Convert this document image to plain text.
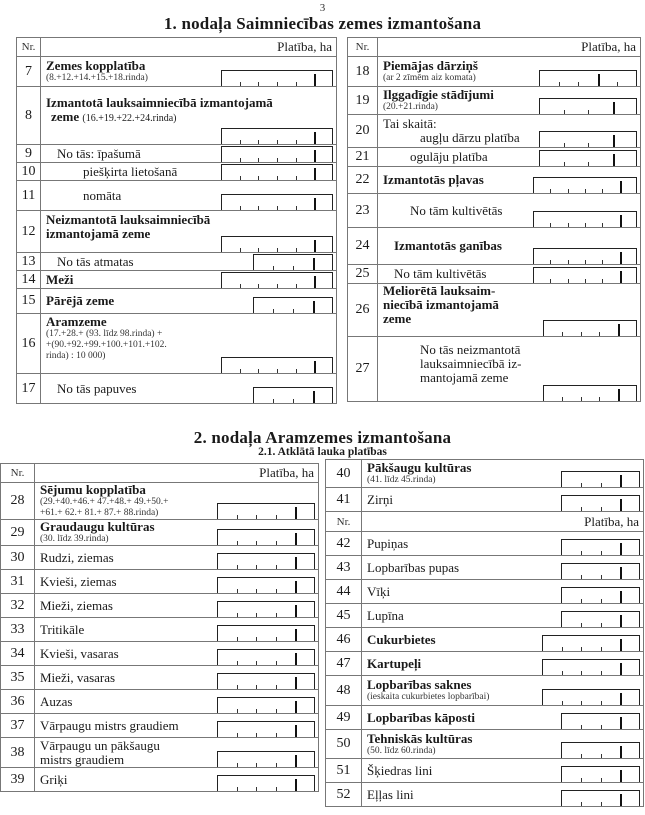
3
1. nodaļa Saimniecības zemes izmantošana
Nr.	Platība, ha
7	Zemes kopplatība
(8.+12.+14.+15.+18.rinda)

8	Izmantotā lauksaimniecībā izmantojamā
zeme (16.+19.+22.+24.rinda)

9	No tās: īpašumā

10	piešķirta lietošanā

11	nomāta

12	Neizmantotā lauksaimniecībā
izmantojamā zeme

13	No tās atmatas

14	Meži

15	Pārējā zeme

16	Aramzeme
(17.+28.+ (93. līdz 98.rinda) +
+(90.+92.+99.+100.+101.+102.
rinda) : 10 000)

17	No tās papuves
Nr.	Platība, ha
18	Piemājas dārziņš
(ar 2 zīmēm aiz komata)

19	Ilggadīgie stādījumi
(20.+21.rinda)

20	Tai skaitā:
augļu dārzu platība

21	ogulāju platība

22	Izmantotās pļavas

23	No tām kultivētās

24	Izmantotās ganības

25	No tām kultivētās

26	Meliorētā lauksaim-
niecībā izmantojamā
zeme

27	No tās neizmantotā
lauksaimniecībā iz-
mantojamā zeme
2. nodaļa Aramzemes izmantošana
2.1. Atklātā lauka platības
Nr.	Platība, ha
28	Sējumu kopplatība
(29.+40.+46.+ 47.+48.+ 49.+50.+
+61.+ 62.+ 81.+ 87.+ 88.rinda)

29	Graudaugu kultūras
(30. līdz 39.rinda)

30	Rudzi, ziemas

31	Kvieši, ziemas

32	Mieži, ziemas

33	Tritikāle

34	Kvieši, vasaras

35	Mieži, vasaras

36	Auzas

37	Vārpaugu mistrs graudiem

38	Vārpaugu un pākšaugu
mistrs graudiem

39	Griķi
40	Pākšaugu kultūras
(41. līdz 45.rinda)

41	Zirņi

Nr.	Platība, ha
42	Pupiņas

43	Lopbarības pupas

44	Vīķi

45	Lupīna

46	Cukurbietes

47	Kartupeļi

48	Lopbarības saknes
(ieskaita cukurbietes lopbarībai)

49	Lopbarības kāposti

50	Tehniskās kultūras
(50. līdz 60.rinda)

51	Šķiedras lini

52	Eļļas lini
